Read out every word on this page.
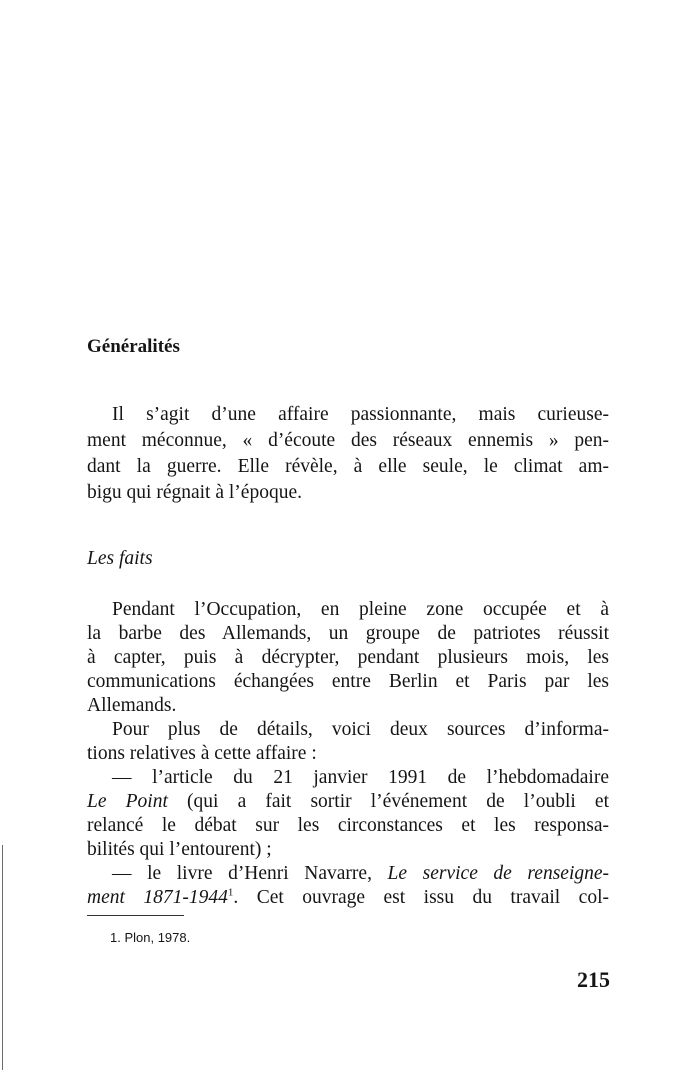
Généralités

Il s’agit d’une affaire passionnante, mais curieuse-

ment méconnue, « d’écoute des réseaux ennemis » pen-

dant la guerre. Elle révèle, à elle seule, le climat am-

bigu qui régnait à l’époque.

Les faits

Pendant l’Occupation, en pleine zone occupée et à

la barbe des Allemands, un groupe de patriotes réussit

à capter, puis à décrypter, pendant plusieurs mois, les

communications échangées entre Berlin et Paris par les

Allemands.

Pour plus de détails, voici deux sources d’informa-

tions relatives à cette affaire :

— l’article du 21 janvier 1991 de l’hebdomadaire

Le Point (qui a fait sortir l’événement de l’oubli et

relancé le débat sur les circonstances et les responsa-

bilités qui l’entourent) ;

— le livre d’Henri Navarre, Le service de renseigne-

ment 1871-1944$^1$. Cet ouvrage est issu du travail col-

1. Plon, 1978.

215
